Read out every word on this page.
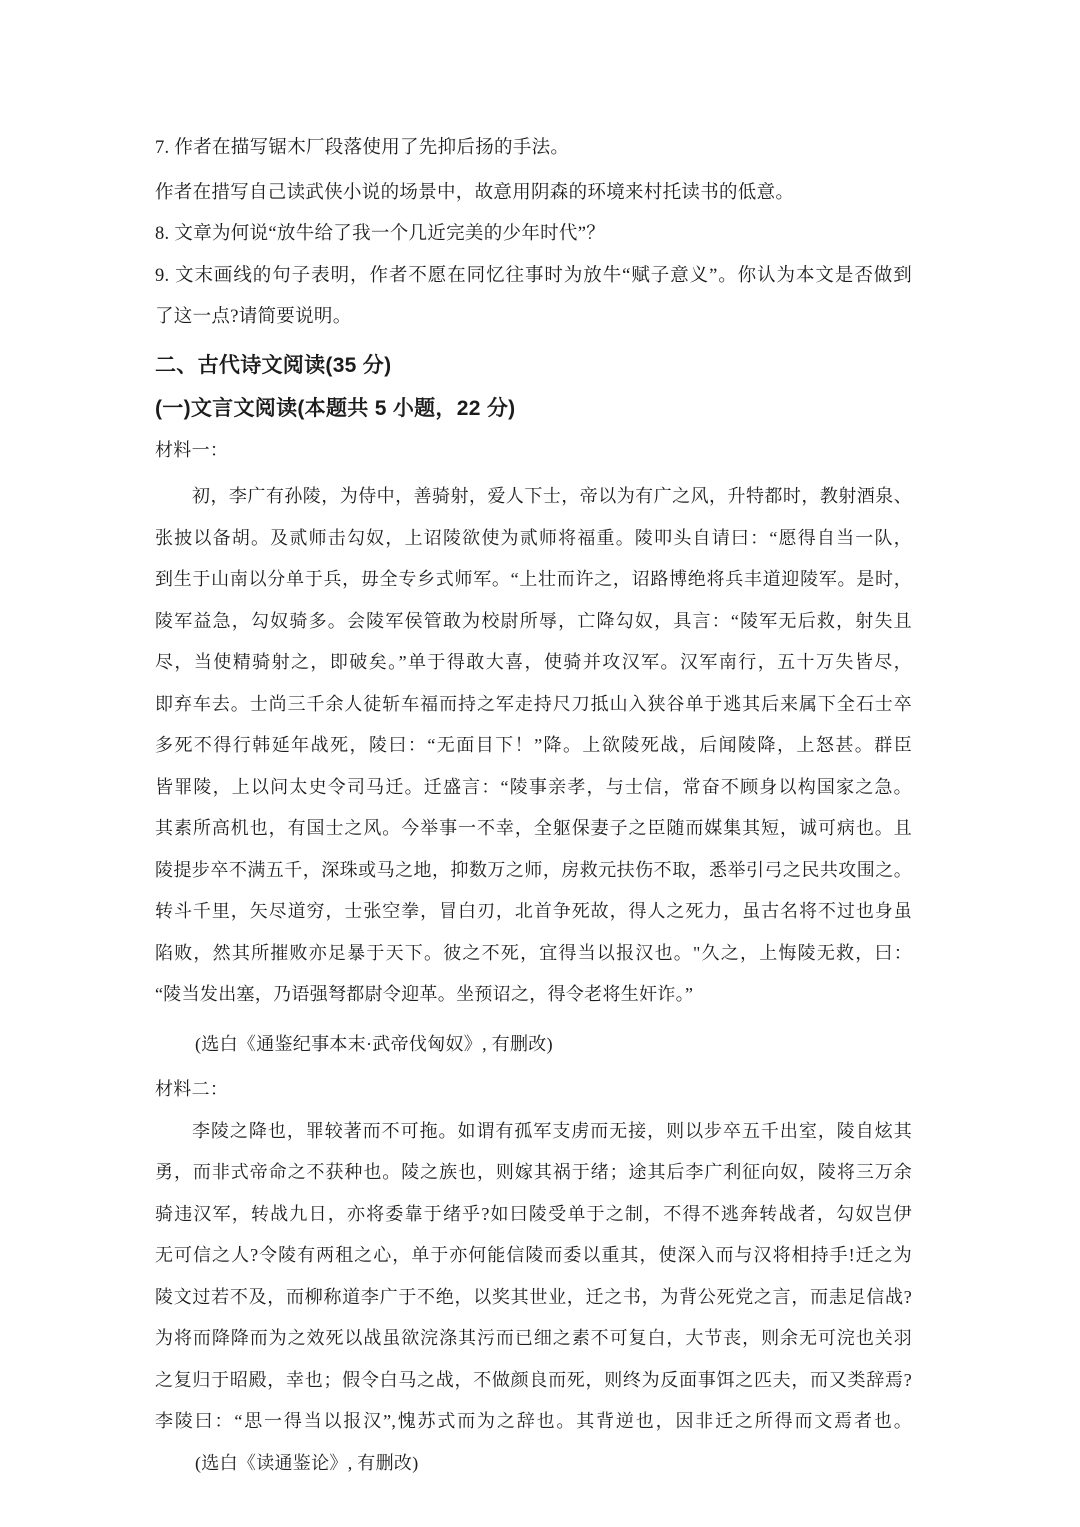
7. 作者在描写锯木厂段落使用了先抑后扬的手法。
作者在措写自己读武侠小说的场景中，故意用阴森的环境来村托读书的低意。
8. 文章为何说“放牛给了我一个几近完美的少年时代”？
9. 文末画线的句子表明，作者不愿在同忆往事时为放牛“赋子意义”。你认为本文是否做到
了这一点?请简要说明。
二、古代诗文阅读(35 分)
(一)文言文阅读(本题共 5 小题，22 分)
材料一：
初，李广有孙陵，为侍中，善骑射，爱人下士，帝以为有广之风，升特都时，教射酒泉、
张披以备胡。及贰师击勾奴，上诏陵欲使为贰师将福重。陵叩头自请曰：“愿得自当一队，
到生于山南以分单于兵，毋全专乡式师军。“上壮而许之，诏路博绝将兵丰道迎陵军。是时，
陵军益急，勾奴骑多。会陵军侯管敢为校尉所辱，亡降勾奴，具言：“陵军无后救，射失且
尽，当使精骑射之，即破矣。”单于得敢大喜，使骑并攻汉军。汉军南行，五十万失皆尽，
即弃车去。士尚三千余人徒斩车福而持之军走持尺刀抵山入狭谷单于逃其后来属下全石士卒
多死不得行韩延年战死，陵曰：“无面目下！”降。上欲陵死战，后闻陵降，上怒甚。群臣
皆罪陵，上以问太史令司马迁。迁盛言：“陵事亲孝，与士信，常奋不顾身以构国家之急。
其素所高机也，有国士之风。今举事一不幸，全躯保妻子之臣随而媒集其短，诚可病也。且
陵提步卒不满五千，深珠或马之地，抑数万之师，房救元扶伤不取，悉举引弓之民共攻围之。
转斗千里，矢尽道穷，士张空拳，冒白刃，北首争死故，得人之死力，虽古名将不过也身虽
陷败，然其所摧败亦足暴于天下。彼之不死，宜得当以报汉也。"久之，上悔陵无救，曰：
“陵当发出塞，乃语强弩都尉令迎革。坐预诏之，得令老将生奸诈。”
(选白《通鉴纪事本末·武帝伐匈奴》, 有删改)
材料二：
李陵之降也，罪较著而不可拖。如谓有孤军支虏而无接，则以步卒五千出室，陵自炫其
勇，而非式帝命之不获种也。陵之族也，则嫁其祸于绪；途其后李广利征向奴，陵将三万余
骑违汉军，转战九日，亦将委靠于绪乎?如曰陵受单于之制，不得不逃奔转战者，勾奴岂伊
无可信之人?令陵有两租之心，单于亦何能信陵而委以重其，使深入而与汉将相持手!迁之为
陵文过若不及，而柳称道李广于不绝，以奖其世业，迁之书，为背公死党之言，而恚足信战?
为将而降降而为之效死以战虽欲浣涤其污而已细之素不可复白，大节丧，则余无可浣也关羽
之复归于昭殿，幸也；假令白马之战，不做颜良而死，则终为反面事饵之匹夫，而又类辞焉?
李陵曰：“思一得当以报汉”,愧苏式而为之辞也。其背逆也，因非迁之所得而文焉者也。
(选白《读通鉴论》, 有删改)
